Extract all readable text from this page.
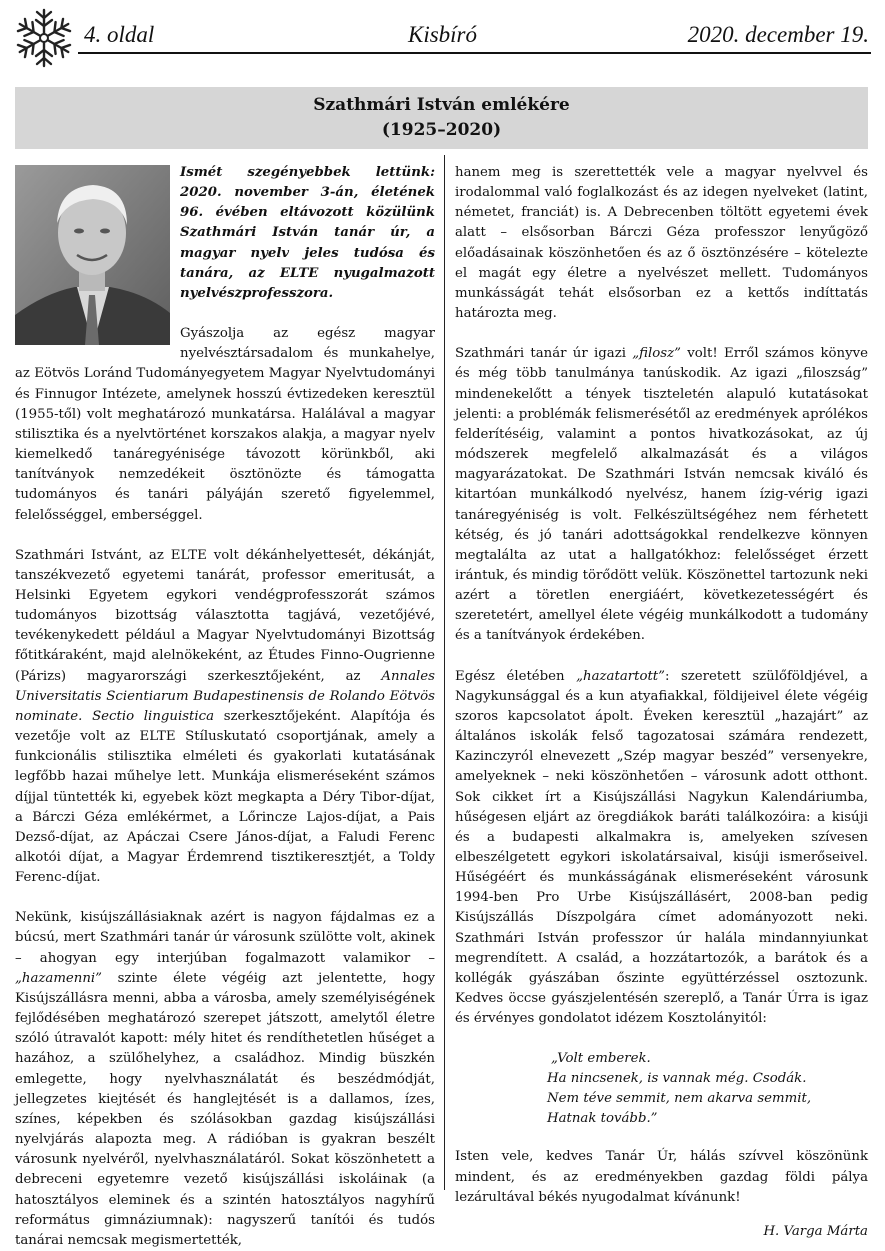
Kisbíró
4. oldal	2020. december 19.
Szathmári István emlékére
(1925–2020)

Ismét szegényebbek lettünk: 2020. november 3-án, életének 96. évében eltávozott közülünk Szathmári István tanár úr, a magyar nyelv jeles tudósa és tanára, az ELTE nyugalmazott nyelvészprofesszora.

Gyászolja az egész magyar nyelvésztársadalom és munkahelye, az Eötvös Loránd Tudományegyetem Magyar Nyelvtudományi és Finnugor Intézete, amelynek hosszú évtizedeken keresztül (1955-től) volt meghatározó munkatársa. Halálával a magyar stilisztika és a nyelvtörténet korszakos alakja, a magyar nyelv kiemelkedő tanáregyénisége távozott körünkből, aki tanítványok nemzedékeit ösztönözte és támogatta tudományos és tanári pályáján szerető figyelemmel, felelősséggel, emberséggel.

Szathmári Istvánt, az ELTE volt dékánhelyettesét, dékánját, tanszékvezető egyetemi tanárát, professor emeritusát, a Helsinki Egyetem egykori vendégprofesszorát számos tudományos bizottság választotta tagjává, vezetőjévé, tevékenykedett például a Magyar Nyelvtudományi Bizottság főtitkáraként, majd alelnökeként, az Études Finno-Ougrienne (Párizs) magyarországi szerkesztőjeként, az Annales Universitatis Scientiarum Budapestinensis de Rolando Eötvös nominate. Sectio linguistica szerkesztőjeként. Alapítója és vezetője volt az ELTE Stíluskutató csoportjának, amely a funkcionális stilisztika elméleti és gyakorlati kutatásának legfőbb hazai műhelye lett. Munkája elismeréseként számos díjjal tüntették ki, egyebek közt megkapta a Déry Tibor-díjat, a Bárczi Géza emlékérmet, a Lőrincze Lajos-díjat, a Pais Dezső-díjat, az Apáczai Csere János-díjat, a Faludi Ferenc alkotói díjat, a Magyar Érdemrend tisztikeresztjét, a Toldy Ferenc-díjat.

Nekünk, kisújszállásiaknak azért is nagyon fájdalmas ez a búcsú, mert Szathmári tanár úr városunk szülötte volt, akinek – ahogyan egy interjúban fogalmazott valamikor – „hazamenni” szinte élete végéig azt jelentette, hogy Kisújszállásra menni, abba a városba, amely személyiségének fejlődésében meghatározó szerepet játszott, amelytől életre szóló útravalót kapott: mély hitet és rendíthetetlen hűséget a hazához, a szülőhelyhez, a családhoz. Mindig büszkén emlegette, hogy nyelvhasználatát és beszédmódját, jellegzetes kiejtését és hanglejtését is a dallamos, ízes, színes, képekben és szólásokban gazdag kisújszállási nyelvjárás alapozta meg. A rádióban is gyakran beszélt városunk nyelvéről, nyelvhasználatáról. Sokat köszönhetett a debreceni egyetemre vezető kisújszállási iskoláinak (a hatosztályos eleminek és a szintén hatosztályos nagyhírű református gimnáziumnak): nagyszerű tanítói és tudós tanárai nemcsak megismertették,

hanem meg is szerettették vele a magyar nyelvvel és irodalommal való foglalkozást és az idegen nyelveket (latint, németet, franciát) is. A Debrecenben töltött egyetemi évek alatt – elsősorban Bárczi Géza professzor lenyűgöző előadásainak köszönhetően és az ő ösztönzésére – kötelezte el magát egy életre a nyelvészet mellett. Tudományos munkásságát tehát elsősorban ez a kettős indíttatás határozta meg.

Szathmári tanár úr igazi „filosz” volt! Erről számos könyve és még több tanulmánya tanúskodik. Az igazi „filoszság” mindenekelőtt a tények tiszteletén alapuló kutatásokat jelenti: a problémák felismerésétől az eredmények aprólékos felderítéséig, valamint a pontos hivatkozásokat, az új módszerek megfelelő alkalmazását és a világos magyarázatokat. De Szathmári István nemcsak kiváló és kitartóan munkálkodó nyelvész, hanem ízig-vérig igazi tanáregyéniség is volt. Felkészültségéhez nem férhetett kétség, és jó tanári adottságokkal rendelkezve könnyen megtalálta az utat a hallgatókhoz: felelősséget érzett irántuk, és mindig törődött velük. Köszönettel tartozunk neki azért a töretlen energiáért, következetességért és szeretetért, amellyel élete végéig munkálkodott a tudomány és a tanítványok érdekében.

Egész életében „hazatartott”: szeretett szülőföldjével, a Nagykunsággal és a kun atyafiakkal, földijeivel élete végéig szoros kapcsolatot ápolt. Éveken keresztül „hazajárt” az általános iskolák felső tagozatosai számára rendezett, Kazinczyról elnevezett „Szép magyar beszéd” versenyekre, amelyeknek – neki köszönhetően – városunk adott otthont. Sok cikket írt a Kisújszállási Nagykun Kalendáriumba, hűségesen eljárt az öregdiákok baráti találkozóira: a kisúji és a budapesti alkalmakra is, amelyeken szívesen elbeszélgetett egykori iskolatársaival, kisúji ismerőseivel. Hűségéért és munkásságának elismeréseként városunk 1994-ben Pro Urbe Kisújszállásért, 2008-ban pedig Kisújszállás Díszpolgára címet adományozott neki. Szathmári István professzor úr halála mindannyiunkat megrendített. A család, a hozzátartozók, a barátok és a kollégák gyászában őszinte együttérzéssel osztozunk. Kedves öccse gyászjelentésén szereplő, a Tanár Úrra is igaz és érvényes gondolatot idézem Kosztolányitól:

„Volt emberek.
Ha nincsenek, is vannak még. Csodák.
Nem téve semmit, nem akarva semmit,
Hatnak tovább.”

Isten vele, kedves Tanár Úr, hálás szívvel köszönünk mindent, és az eredményekben gazdag földi pálya lezárultával békés nyugodalmat kívánunk!

H. Varga Márta
